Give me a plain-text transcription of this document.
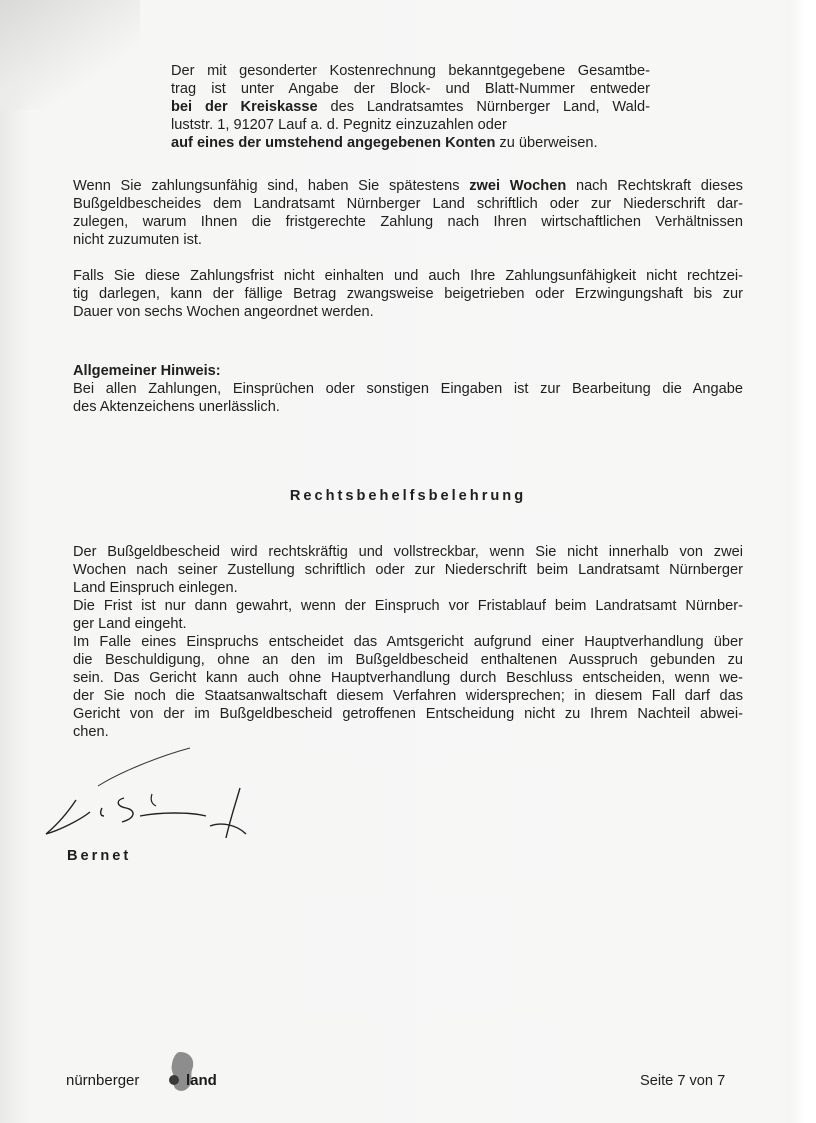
Der mit gesonderter Kostenrechnung bekanntgegebene Gesamtbe-
trag ist unter Angabe der Block- und Blatt-Nummer entweder
bei der Kreiskasse des Landratsamtes Nürnberger Land, Wald-
luststr. 1, 91207 Lauf a. d. Pegnitz einzuzahlen oder
auf eines der umstehend angegebenen Konten zu überweisen.
Wenn Sie zahlungsunfähig sind, haben Sie spätestens zwei Wochen nach Rechtskraft dieses
Bußgeldbescheides dem Landratsamt Nürnberger Land schriftlich oder zur Niederschrift dar-
zulegen, warum Ihnen die fristgerechte Zahlung nach Ihren wirtschaftlichen Verhältnissen
nicht zuzumuten ist.
Falls Sie diese Zahlungsfrist nicht einhalten und auch Ihre Zahlungsunfähigkeit nicht rechtzei-
tig darlegen, kann der fällige Betrag zwangsweise beigetrieben oder Erzwingungshaft bis zur
Dauer von sechs Wochen angeordnet werden.
Allgemeiner Hinweis:
Bei allen Zahlungen, Einsprüchen oder sonstigen Eingaben ist zur Bearbeitung die Angabe
des Aktenzeichens unerlässlich.

Rechtsbehelfsbelehrung

Der Bußgeldbescheid wird rechtskräftig und vollstreckbar, wenn Sie nicht innerhalb von zwei
Wochen nach seiner Zustellung schriftlich oder zur Niederschrift beim Landratsamt Nürnberger
Land Einspruch einlegen.
Die Frist ist nur dann gewahrt, wenn der Einspruch vor Fristablauf beim Landratsamt Nürnber-
ger Land eingeht.
Im Falle eines Einspruchs entscheidet das Amtsgericht aufgrund einer Hauptverhandlung über
die Beschuldigung, ohne an den im Bußgeldbescheid enthaltenen Ausspruch gebunden zu
sein. Das Gericht kann auch ohne Hauptverhandlung durch Beschluss entscheiden, wenn we-
der Sie noch die Staatsanwaltschaft diesem Verfahren widersprechen; in diesem Fall darf das
Gericht von der im Bußgeldbescheid getroffenen Entscheidung nicht zu Ihrem Nachteil abwei-
chen.

Bernet

nürnberger	land	Seite 7 von 7
